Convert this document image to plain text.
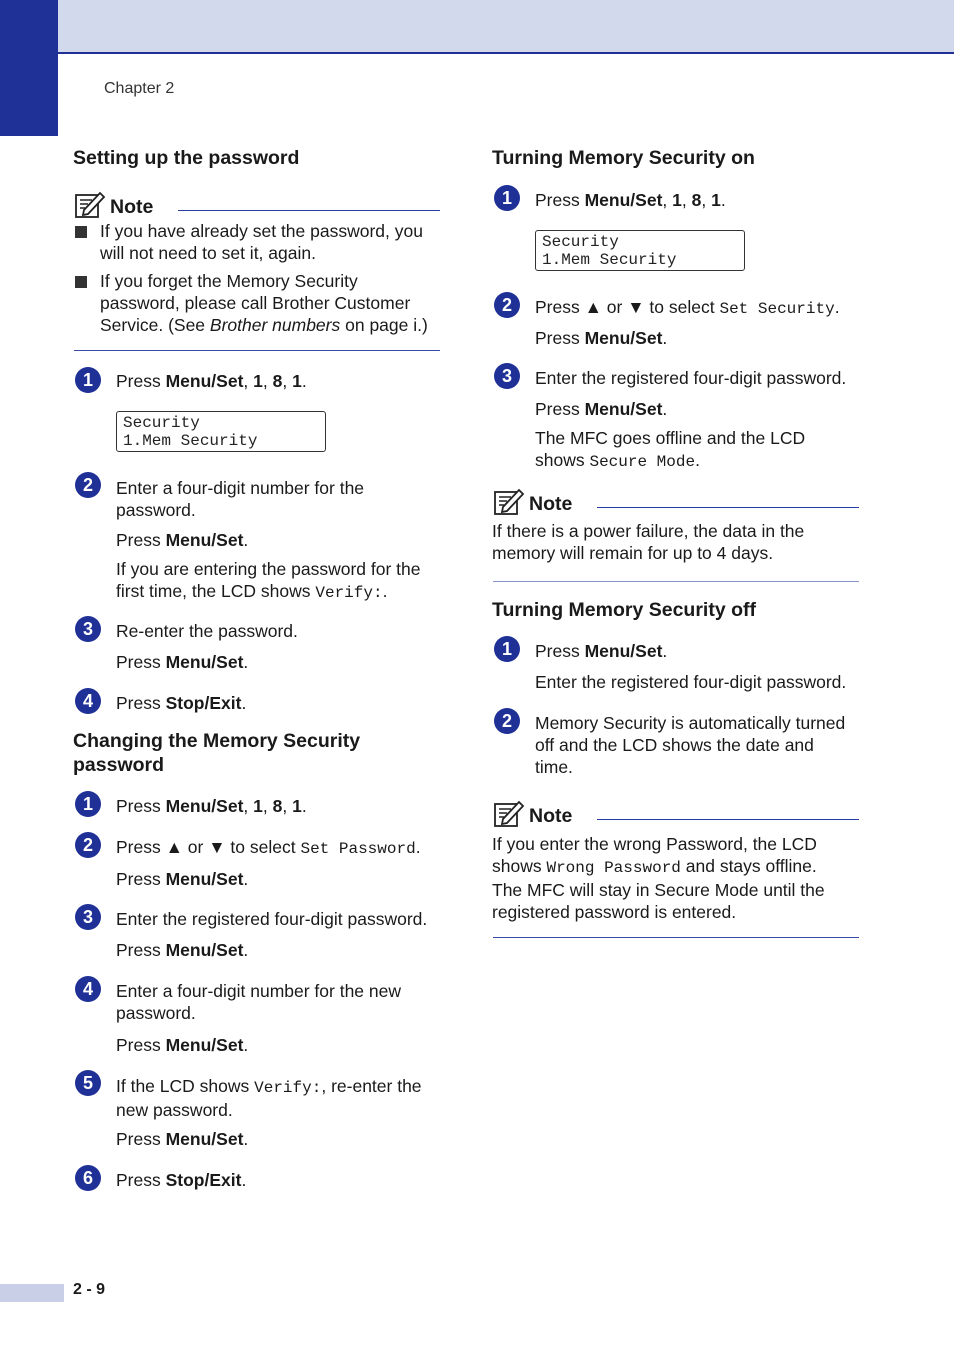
Chapter 2
2 - 9
Setting up the password
Note
If you have already set the password, you
will not need to set it, again.
If you forget the Memory Security
password, please call Brother Customer
Service. (See Brother numbers on page i.)
1	Press Menu/Set, 1, 8, 1.
Security
1.Mem Security
2	Enter a four-digit number for the
password.
Press Menu/Set.
If you are entering the password for the
first time, the LCD shows Verify:.
3	Re-enter the password.
Press Menu/Set.
4	Press Stop/Exit.
Changing the Memory Security
password
1	Press Menu/Set, 1, 8, 1.
2	Press ▲ or ▼ to select Set Password.
Press Menu/Set.
3	Enter the registered four-digit password.
Press Menu/Set.
4	Enter a four-digit number for the new
password.
Press Menu/Set.
5	If the LCD shows Verify:, re-enter the
new password.
Press Menu/Set.
6	Press Stop/Exit.
Turning Memory Security on
1	Press Menu/Set, 1, 8, 1.
Security
1.Mem Security
2	Press ▲ or ▼ to select Set Security.
Press Menu/Set.
3	Enter the registered four-digit password.
Press Menu/Set.
The MFC goes offline and the LCD
shows Secure Mode.
Note
If there is a power failure, the data in the
memory will remain for up to 4 days.
Turning Memory Security off
1	Press Menu/Set.
Enter the registered four-digit password.
2	Memory Security is automatically turned
off and the LCD shows the date and
time.
Note
If you enter the wrong Password, the LCD
shows Wrong Password and stays offline.
The MFC will stay in Secure Mode until the
registered password is entered.
